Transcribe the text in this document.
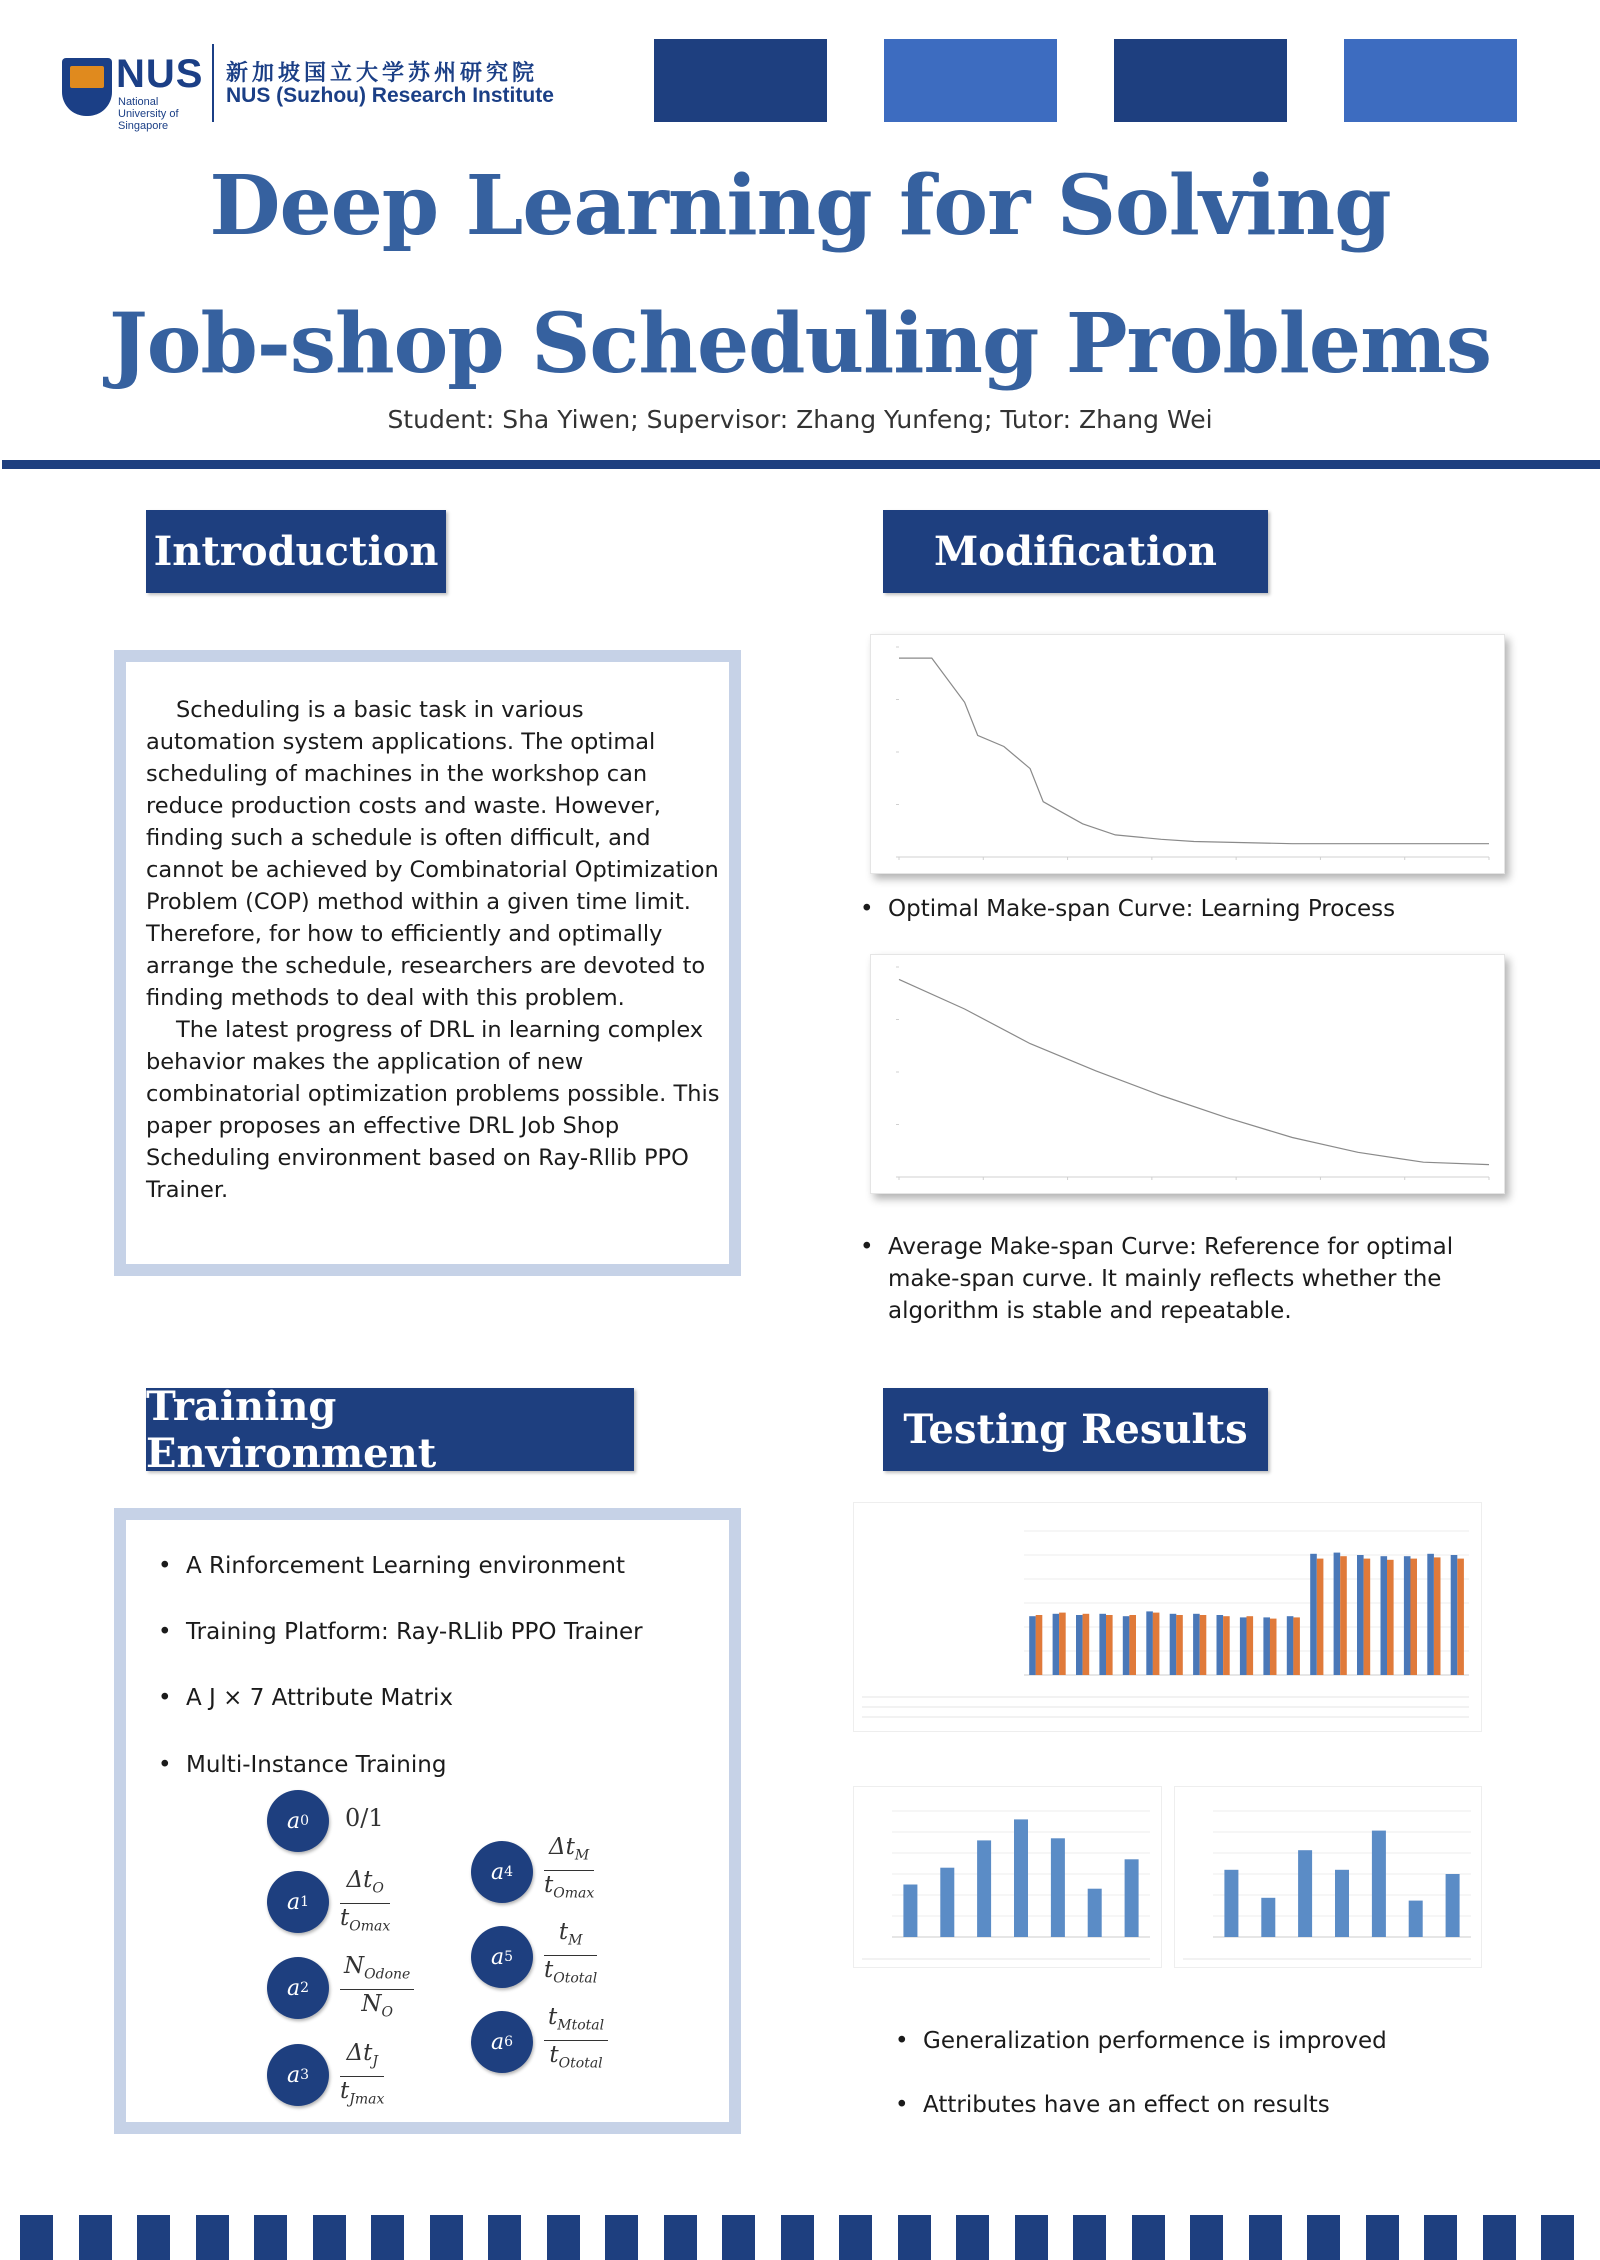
NUS
National University of Singapore
新加坡国立大学苏州研究院
NUS (Suzhou) Research Institute
Deep Learning for Solving
Job-shop Scheduling Problems
Student: Sha Yiwen; Supervisor: Zhang Yunfeng; Tutor: Zhang Wei
Introduction

Scheduling is a basic task in various automation system applications. The optimal scheduling of machines in the workshop can reduce production costs and waste. However, finding such a schedule is often difficult, and cannot be achieved by Combinatorial Optimization Problem (COP) method within a given time limit. Therefore, for how to efficiently and optimally arrange the schedule, researchers are devoted to finding methods to deal with this problem.

The latest progress of DRL in learning complex behavior makes the application of new combinatorial optimization problems possible. This paper proposes an effective DRL Job Shop Scheduling environment based on Ray-Rllib PPO Trainer.

Modification
• Optimal Make-span Curve: Learning Process
• Average Make-span Curve: Reference for optimal make-span curve. It mainly reflects whether the algorithm is stable and repeatable.
Training Environment
• A Rinforcement Learning environment
• Training Platform: Ray-RLlib PPO Trainer
• A J × 7 Attribute Matrix
• Multi-Instance Training
a 0 0/1
a 1
$\Delta t_O$
$t_{Omax}$
a 2
$N_{Odone}$
$N_O$
a 3
$\Delta t_J$
$t_{Jmax}$
a 4
$\Delta t_M$
$t_{Omax}$
a 5
$t_M$
$t_{Ototal}$
a 6
$t_{Mtotal}$
$t_{Ototal}$
Testing Results
• Generalization performence is improved
• Attributes have an effect on results
